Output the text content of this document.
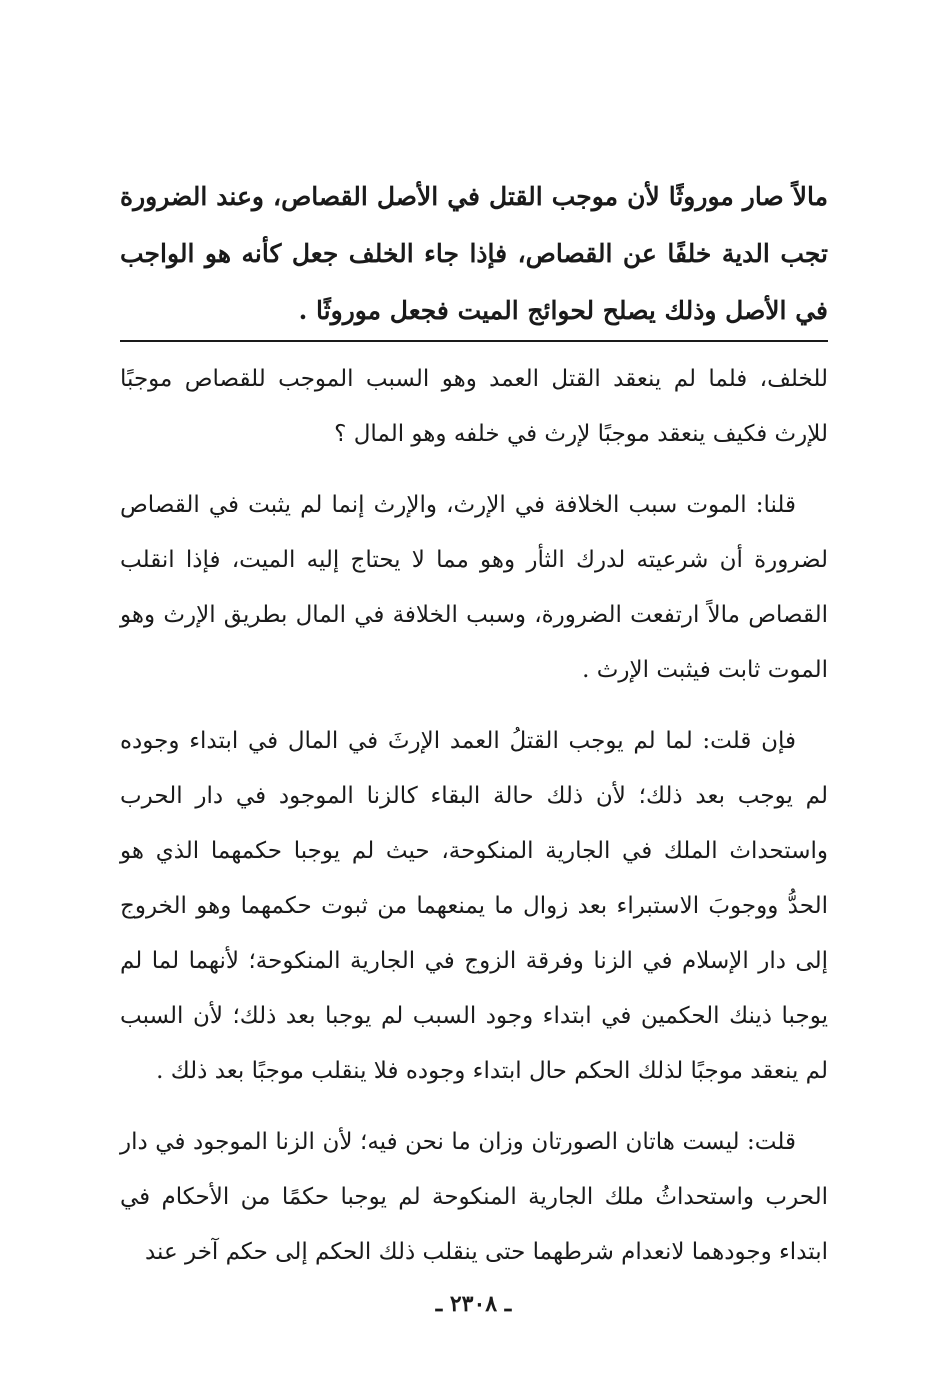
مالاً صار موروثًا لأن موجب القتل في الأصل القصاص، وعند الضرورة تجب الدية خلفًا عن القصاص، فإذا جاء الخلف جعل كأنه هو الواجب في الأصل وذلك يصلح لحوائج الميت فجعل موروثًا .

للخلف، فلما لم ينعقد القتل العمد وهو السبب الموجب للقصاص موجبًا للإرث فكيف ينعقد موجبًا لإرث في خلفه وهو المال ؟

قلنا: الموت سبب الخلافة في الإرث، والإرث إنما لم يثبت في القصاص لضرورة أن شرعيته لدرك الثأر وهو مما لا يحتاج إليه الميت، فإذا انقلب القصاص مالاً ارتفعت الضرورة، وسبب الخلافة في المال بطريق الإرث وهو الموت ثابت فيثبت الإرث .

فإن قلت: لما لم يوجب القتلُ العمد الإرثَ في المال في ابتداء وجوده لم يوجب بعد ذلك؛ لأن ذلك حالة البقاء كالزنا الموجود في دار الحرب واستحداث الملك في الجارية المنكوحة، حيث لم يوجبا حكمهما الذي هو الحدُّ ووجوبَ الاستبراء بعد زوال ما يمنعهما من ثبوت حكمهما وهو الخروج إلى دار الإسلام في الزنا وفرقة الزوج في الجارية المنكوحة؛ لأنهما لما لم يوجبا ذينك الحكمين في ابتداء وجود السبب لم يوجبا بعد ذلك؛ لأن السبب لم ينعقد موجبًا لذلك الحكم حال ابتداء وجوده فلا ينقلب موجبًا بعد ذلك .

قلت: ليست هاتان الصورتان وزان ما نحن فيه؛ لأن الزنا الموجود في دار الحرب واستحداثُ ملك الجارية المنكوحة لم يوجبا حكمًا من الأحكام في ابتداء وجودهما لانعدام شرطهما حتى ينقلب ذلك الحكم إلى حكم آخر عند

ـ ٢٣٠٨ ـ
